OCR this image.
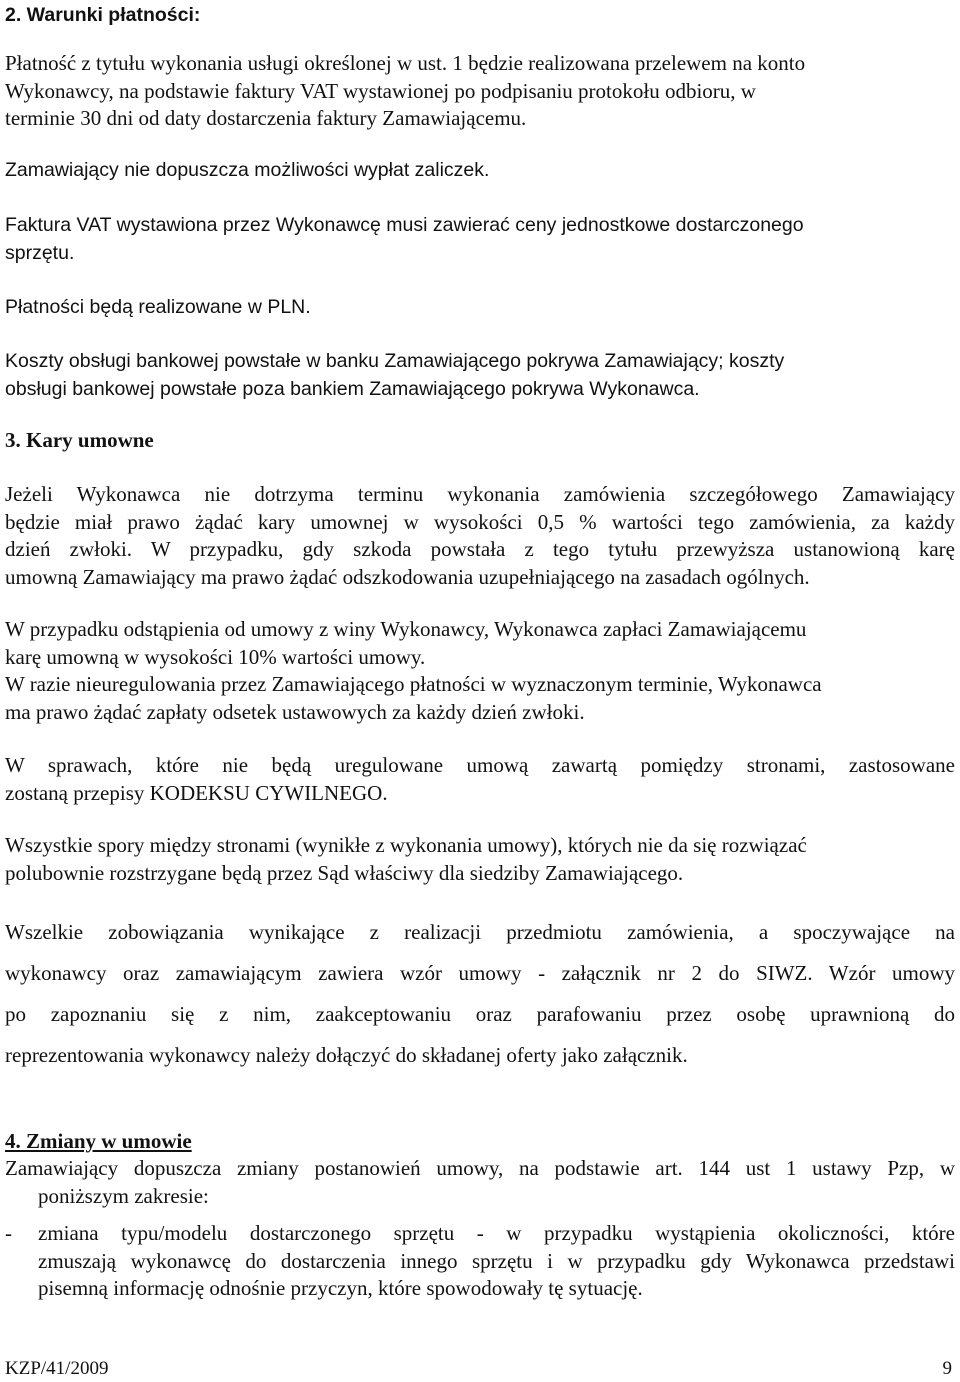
2. Warunki płatności:
Płatność z tytułu wykonania usługi określonej w ust. 1 będzie realizowana przelewem na konto
Wykonawcy, na podstawie faktury VAT wystawionej po podpisaniu protokołu odbioru, w
terminie 30 dni od daty dostarczenia faktury Zamawiającemu.
Zamawiający nie dopuszcza możliwości wypłat zaliczek.
Faktura VAT wystawiona przez Wykonawcę musi zawierać ceny jednostkowe dostarczonego
sprzętu.
Płatności będą realizowane w PLN.
Koszty obsługi bankowej powstałe w banku Zamawiającego pokrywa Zamawiający; koszty
obsługi bankowej powstałe poza bankiem Zamawiającego pokrywa Wykonawca.
3. Kary umowne
Jeżeli Wykonawca nie dotrzyma terminu wykonania zamówienia szczegółowego Zamawiający
będzie miał prawo żądać kary umownej w wysokości 0,5 % wartości tego zamówienia, za każdy
dzień zwłoki. W przypadku, gdy szkoda powstała z tego tytułu przewyższa ustanowioną karę
umowną Zamawiający ma prawo żądać odszkodowania uzupełniającego na zasadach ogólnych.
W przypadku odstąpienia od umowy z winy Wykonawcy, Wykonawca zapłaci Zamawiającemu
karę umowną w wysokości 10% wartości umowy.
W razie nieuregulowania przez Zamawiającego płatności w wyznaczonym terminie, Wykonawca
ma prawo żądać zapłaty odsetek ustawowych za każdy dzień zwłoki.
W sprawach, które nie będą uregulowane umową zawartą pomiędzy stronami, zastosowane
zostaną przepisy KODEKSU CYWILNEGO.
Wszystkie spory między stronami (wynikłe z wykonania umowy), których nie da się rozwiązać
polubownie rozstrzygane będą przez Sąd właściwy dla siedziby Zamawiającego.
Wszelkie zobowiązania wynikające z realizacji przedmiotu zamówienia, a spoczywające na
wykonawcy oraz zamawiającym zawiera wzór umowy - załącznik nr 2 do SIWZ. Wzór umowy
po zapoznaniu się z nim, zaakceptowaniu oraz parafowaniu przez osobę uprawnioną do
reprezentowania wykonawcy należy dołączyć do składanej oferty jako załącznik.
4. Zmiany w umowie
Zamawiający dopuszcza zmiany postanowień umowy, na podstawie art. 144 ust 1 ustawy Pzp, w
poniższym zakresie:
- zmiana typu/modelu dostarczonego sprzętu - w przypadku wystąpienia okoliczności, które
zmuszają wykonawcę do dostarczenia innego sprzętu i w przypadku gdy Wykonawca przedstawi
pisemną informację odnośnie przyczyn, które spowodowały tę sytuację.
KZP/41/2009	9
